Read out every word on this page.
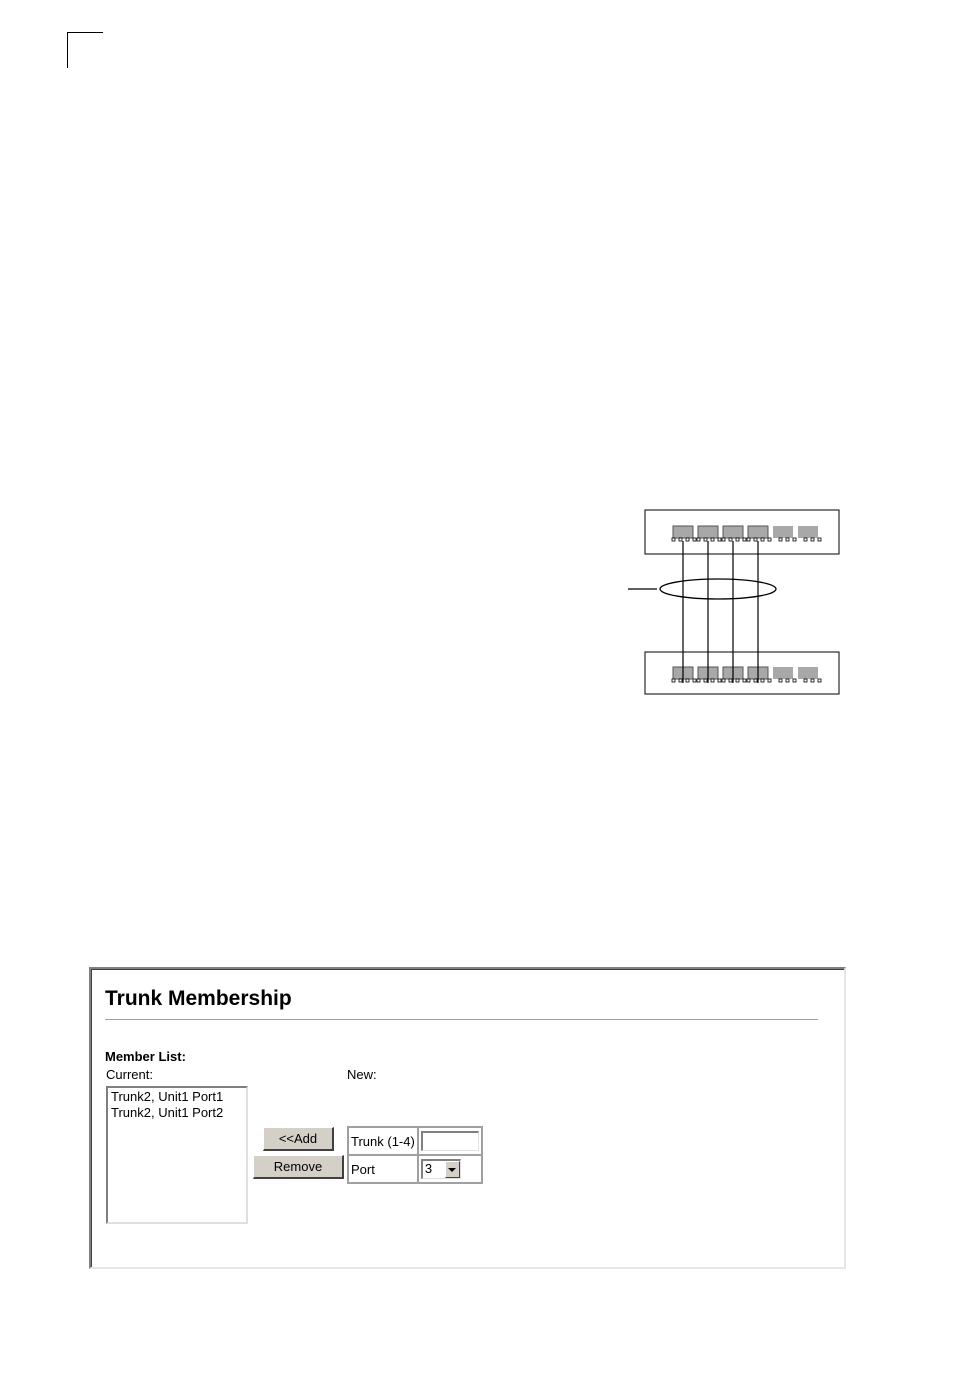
Trunk Membership
Member List:
Current:	New:
Trunk2, Unit1 Port1
Trunk2, Unit1 Port2
<<Add
Remove
Trunk (1-4)	

Port	3
